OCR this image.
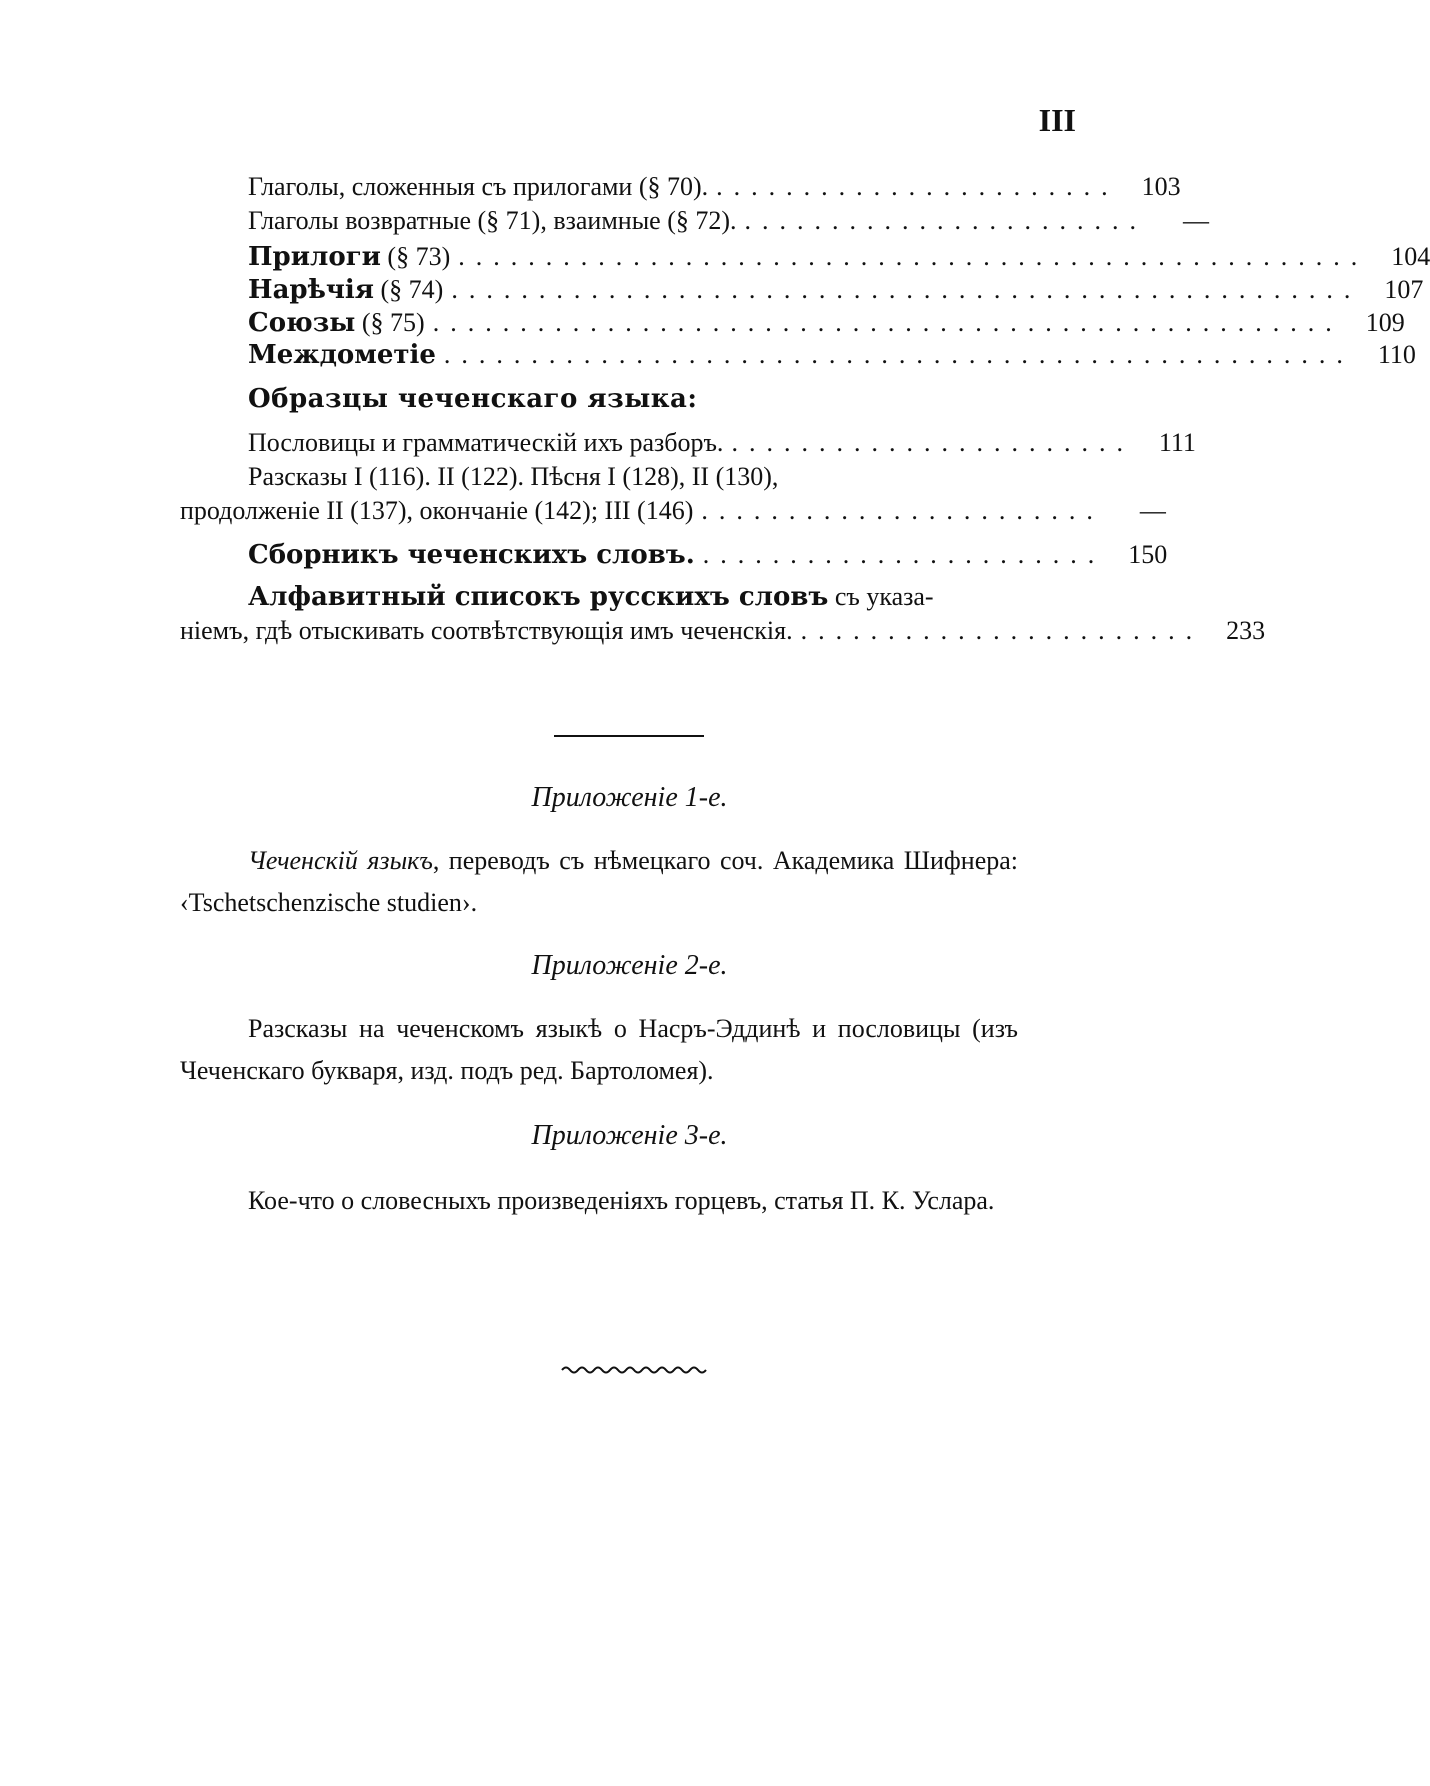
III
Глаголы, сложенныя съ прилогами (§ 70). ....................... 103
Глаголы возвратные (§ 71), взаимные (§ 72). .......................	—
Прилоги (§ 73) .................................................... 104
Нарѣчія (§ 74) .................................................... 107
Союзы (§ 75) .................................................... 109
Междометіе .................................................... 110
Образцы чеченскаго языка:
Пословицы и грамматическій ихъ разборъ. ....................... 111
Разсказы I (116). II (122). Пѣсня I (128), II (130),
продолженіе II (137), окончаніе (142); III (146) .......................	—
Сборникъ чеченскихъ словъ. ....................... 150
Алфавитный списокъ русскихъ словъ съ указа-
ніемъ, гдѣ отыскивать соотвѣтствующія имъ чеченскія. ....................... 233
Приложеніе 1-е.
Чеченскій языкъ, переводъ съ нѣмецкаго соч. Академика Шифнера: ‹Tschetschenzische studien›.
Приложеніе 2-е.
Разсказы на чеченскомъ языкѣ о Насръ-Эддинѣ и пословицы (изъ Чеченскаго букваря, изд. подъ ред. Бартоломея).
Приложеніе 3-е.
Кое-что о словесныхъ произведеніяхъ горцевъ, статья П. К. Услара.
